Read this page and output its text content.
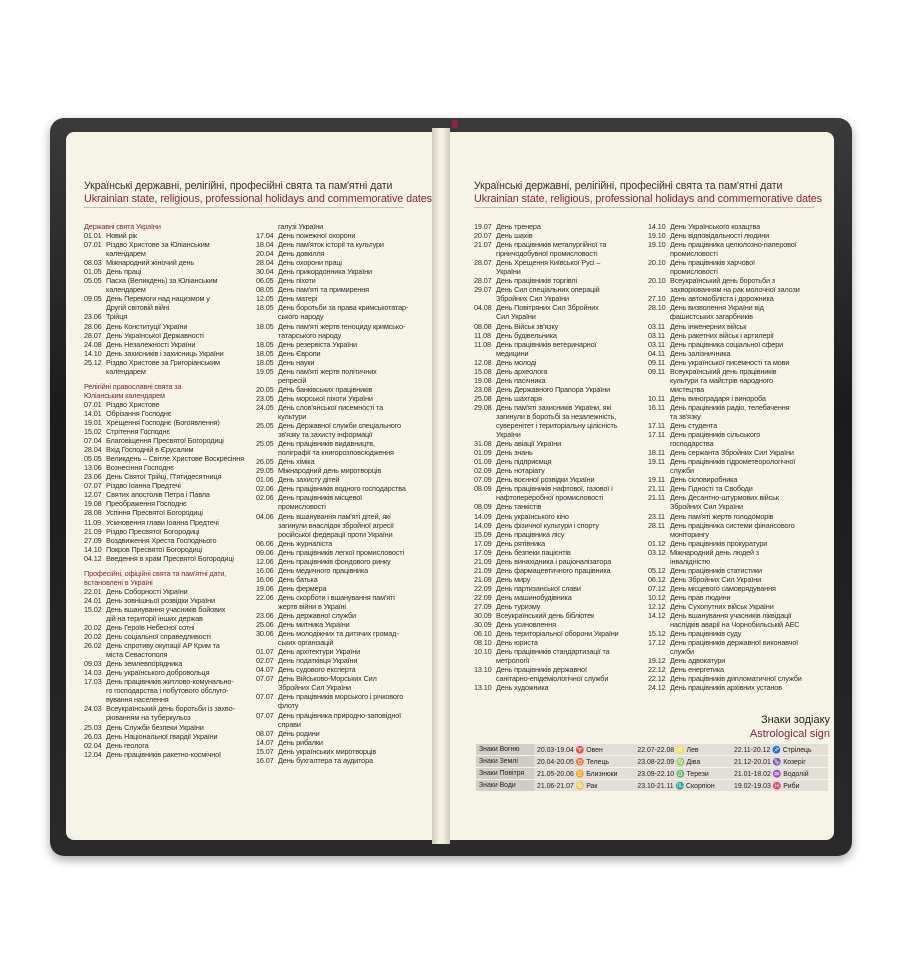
Українські державні, релігійні, професійні свята та пам'ятні дати
Ukrainian state, religious, professional holidays and commemorative dates
Державні свята України
01.01 Новий рік
07.01 Різдво Христове за Юліанським
календарем
08.03 Міжнародний жіночий день
01.05 День праці
05.05 Пасха (Великдень) за Юліанським
календарем
09.05 День Перемоги над нацизмом у
Другій світовій війні
23.06 Трійця
28.06 День Конституції України
28.07 День Української Державності
24.08 День Незалежності України
14.10 День захисників і захисниць України
25.12 Різдво Христове за Григоріанським
календарем
Релігійні православні свята за
Юліанським календарем
07.01 Різдво Христове
14.01 Обрізання Господнє
19.01 Хрещення Господнє (Богоявлення)
15.02 Стрітення Господнє
07.04 Благовіщення Пресвятої Богородиці
28.04 Вхід Господній в Єрусалим
05.05 Великдень – Світле Христове Воскресіння
13.06 Вознесіння Господнє
23.06 День Святої Трійці, П'ятидесятниця
07.07 Різдво Іоанна Предтечі
12.07 Святих апостолів Петра і Павла
19.08 Преображення Господнє
28.08 Успіння Пресвятої Богородиці
11.09 Усікновення глави Іоанна Предтечі
21.09 Різдво Пресвятої Богородиці
27.09 Воздвиження Хреста Господнього
14.10 Покров Пресвятої Богородиці
04.12 Введення в храм Пресвятої Богородиці
Професійні, офіційні свята та пам'ятні дати,
встановлені в Україні
22.01 День Соборності України
24.01 День зовнішньої розвідки України
15.02 День вшанування учасників бойових
дій на території інших держав
20.02 День Героїв Небесної сотні
20.02 День соціальної справедливості
26.02 День спротиву окупації АР Крим та
міста Севастополя
09.03 День землевпорядника
14.03 День українського добровольця
17.03 День працівників житлово-комунально-
го господарства і побутового обслугo-
вування населення
24.03 Всеукраїнський день боротьби із захво-
рюванням на туберкульоз
25.03 День Служби безпеки України
26.03 День Національної гвардії України
02.04 День геолога
12.04 День працівників ракетно-космічної
галузі України
17.04 День пожежної охорони
18.04 День пам'яток історії та культури
20.04 День довкілля
28.04 День охорони праці
30.04 День прикордонника України
06.05 День піхоти
08.05 День пам'яті та примирення
12.05 День матері
18.05 День боротьби за права кримськотатар-
ського народу
18.05 День пам'яті жертв геноциду кримсько-
татарського народу
18.05 День резервіста України
18.05 День Європи
18.05 День науки
19.05 День пам'яті жертв політичних
репресій
20.05 День банківських працівників
23.05 День морської піхоти України
24.05 День слов'янської писемності та
культури
25.05 День Державної служби спеціального
зв'язку та захисту інформації
25.05 День працівників видавництв,
поліграфії та книгорозповсюдження
26.05 День хіміка
29.05 Міжнародний день миротворців
01.06 День захисту дітей
02.06 День працівників водного господарства
02.06 День працівників місцевої
промисловості
04.06 День вшанування пам'яті дітей, які
загинули внаслідок збройної агресії
російської федерації проти України
06.06 День журналіста
09.06 День працівників легкої промисловості
12.06 День працівників фондового ринку
16.06 День медичного працівника
16.06 День батька
19.06 День фермера
22.06 День скорботи і вшанування пам'яті
жертв війни в Україні
23.06 День державної служби
25.06 День митника України
30.06 День молодіжних та дитячих громад-
ських організацій
01.07 День архітектури України
02.07 День податківця України
04.07 День судового експерта
07.07 День Військово-Морських Сил
Збройних Сил України
07.07 День працівників морського і річкового
флоту
07.07 День працівника природно-заповідної
справи
08.07 День родини
14.07 День рибалки
15.07 День українських миротворців
16.07 День бухгалтера та аудитора
Українські державні, релігійні, професійні свята та пам'ятні дати
Ukrainian state, religious, professional holidays and commemorative dates
19.07 День тренера
20.07 День шахів
21.07 День працівників металургійної та
гірничодобувної промисловості
28.07 День Хрещення Київської Русі –
України
28.07 День працівників торгівлі
29.07 День Сил спеціальних операцій
Збройних Сил України
04.08 День Повітряних Сил Збройних
Сил України
08.08 День Військ зв'язку
11.08 День будівельника
11.08 День працівників ветеринарної
медицини
12.08 День молоді
15.08 День археолога
19.08 День пасічника
23.08 День Державного Прапора України
25.08 День шахтаря
29.08 День пам'яті захисників України, які
загинули в боротьбі за незалежність,
суверенітет і територіальну цілісність
України
31.08 День авіації України
01.09 День знань
01.09 День підприємця
02.09 День нотаріату
07.09 День воєнної розвідки України
08.09 День працівників нафтової, газової і
нафтопереробної промисловості
08.09 День танкістів
14.09 День українського кіно
14.09 День фізичної культури і спорту
15.09 День працівника лісу
17.09 День рятівника
17.09 День безпеки пацієнтів
21.09 День винахідника і раціоналізатора
21.09 День фармацевтичного працівника
21.09 День миру
22.09 День партизанської слави
22.09 День машинобудівника
27.09 День туризму
30.09 Всеукраїнський день бібліотек
30.09 День усиновлення
06.10 День територіальної оборони України
08.10 День юриста
10.10 День працівників стандартизації та
метрології
13.10 День працівників державної
санітарно-епідеміологічної служби
13.10 День художника
14.10 День Українського козацтва
19.10 День відповідальності людини
19.10 День працівника целюлозно-паперової
промисловості
20.10 День працівників харчової
промисловості
20.10 Всеукраїнський день боротьби з
захворюванням на рак молочної залози
27.10 День автомобіліста і дорожника
28.10 День визволення України від
фашистських загарбників
03.11 День інженерних військ
03.11 День ракетних військ і артилерії
03.11 День працівника соціальної сфери
04.11 День залізничника
09.11 День української писемності та мови
09.11 Всеукраїнський день працівників
культури та майстрів народного
мистецтва
10.11 День виноградаря і винороба
16.11 День працівників радіо, телебачення
та зв'язку
17.11 День студента
17.11 День працівників сільського
господарства
18.11 День сержанта Збройних Сил України
19.11 День працівників гідрометеорологічної
служби
19.11 День скловиробника
21.11 День Гідності та Свободи
21.11 День Десантно-штурмових військ
Збройних Сил України
23.11 День пам'яті жертв голодоморів
28.11 День працівника системи фінансового
моніторингу
01.12 День працівників прокуратури
03.12 Міжнародний день людей з
інвалідністю
05.12 День працівників статистики
06.12 День Збройних Сил України
07.12 День місцевого самоврядування
10.12 День прав людини
12.12 День Сухопутних військ України
14.12 День вшанування учасників ліквідації
наслідків аварії на Чорнобильській АЕС
15.12 День працівників суду
17.12 День працівників державної виконавчої
служби
19.12 День адвокатури
22.12 День енергетика
22.12 День працівників дипломатичної служби
24.12 День працівників архівних установ
Знаки зодіаку
Astrological sign
Знаки Вогню	20.03-19.04 ♈ Овен	22.07-22.08 ♌ Лев	22.11-20.12 ♐ Стрілець
Знаки Землі	20.04-20.05 ♉ Телець	23.08-22.09 ♍ Діва	21.12-20.01 ♑ Козеріг
Знаки Повітря	21.05-20.06 ♊ Близнюки	23.09-22.10 ♎ Терези	21.01-18.02 ♒ Водолій
Знаки Води	21.06-21.07 ♋ Рак	23.10-21.11 ♏ Скорпіон	19.02-19.03 ♓ Риби
